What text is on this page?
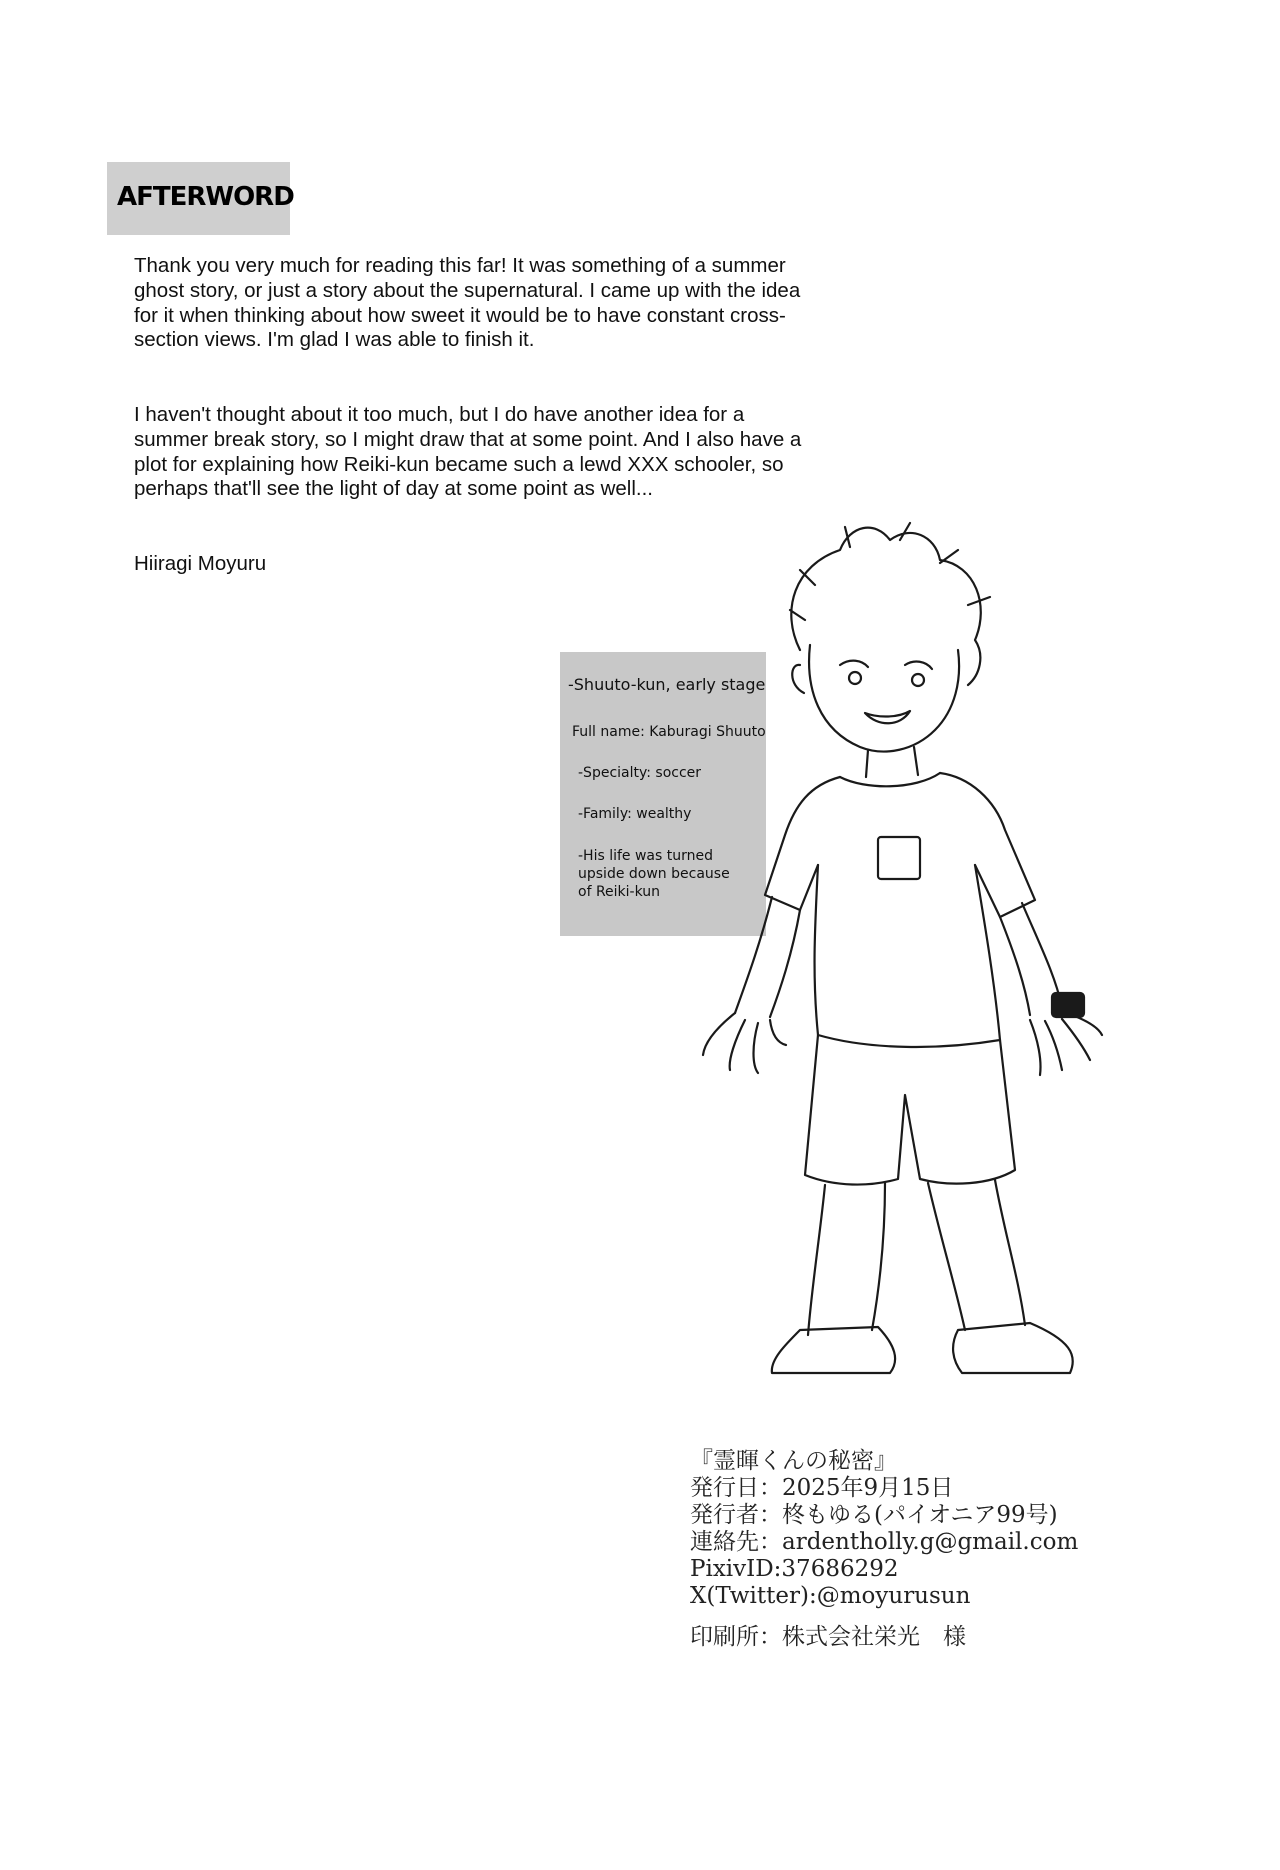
AFTERWORD

Thank you very much for reading this far! It was something of a summer ghost story, or just a story about the supernatural. I came up with the idea for it when thinking about how sweet it would be to have constant cross-section views. I'm glad I was able to finish it.

I haven't thought about it too much, but I do have another idea for a summer break story, so I might draw that at some point. And I also have a plot for explaining how Reiki-kun became such a lewd XXX schooler, so perhaps that'll see the light of day at some point as well...

Hiiragi Moyuru

-Shuuto-kun, early stage

Full name: Kaburagi Shuuto

-Specialty: soccer

-Family: wealthy

-His life was turned

upside down because

of Reiki-kun

『霊暉くんの秘密』
発行日：2025年9月15日
発行者：柊もゆる(パイオニア99号)
連絡先：ardentholly.g@gmail.com
PixivID:37686292
X(Twitter):@moyurusun
印刷所：株式会社栄光　様
